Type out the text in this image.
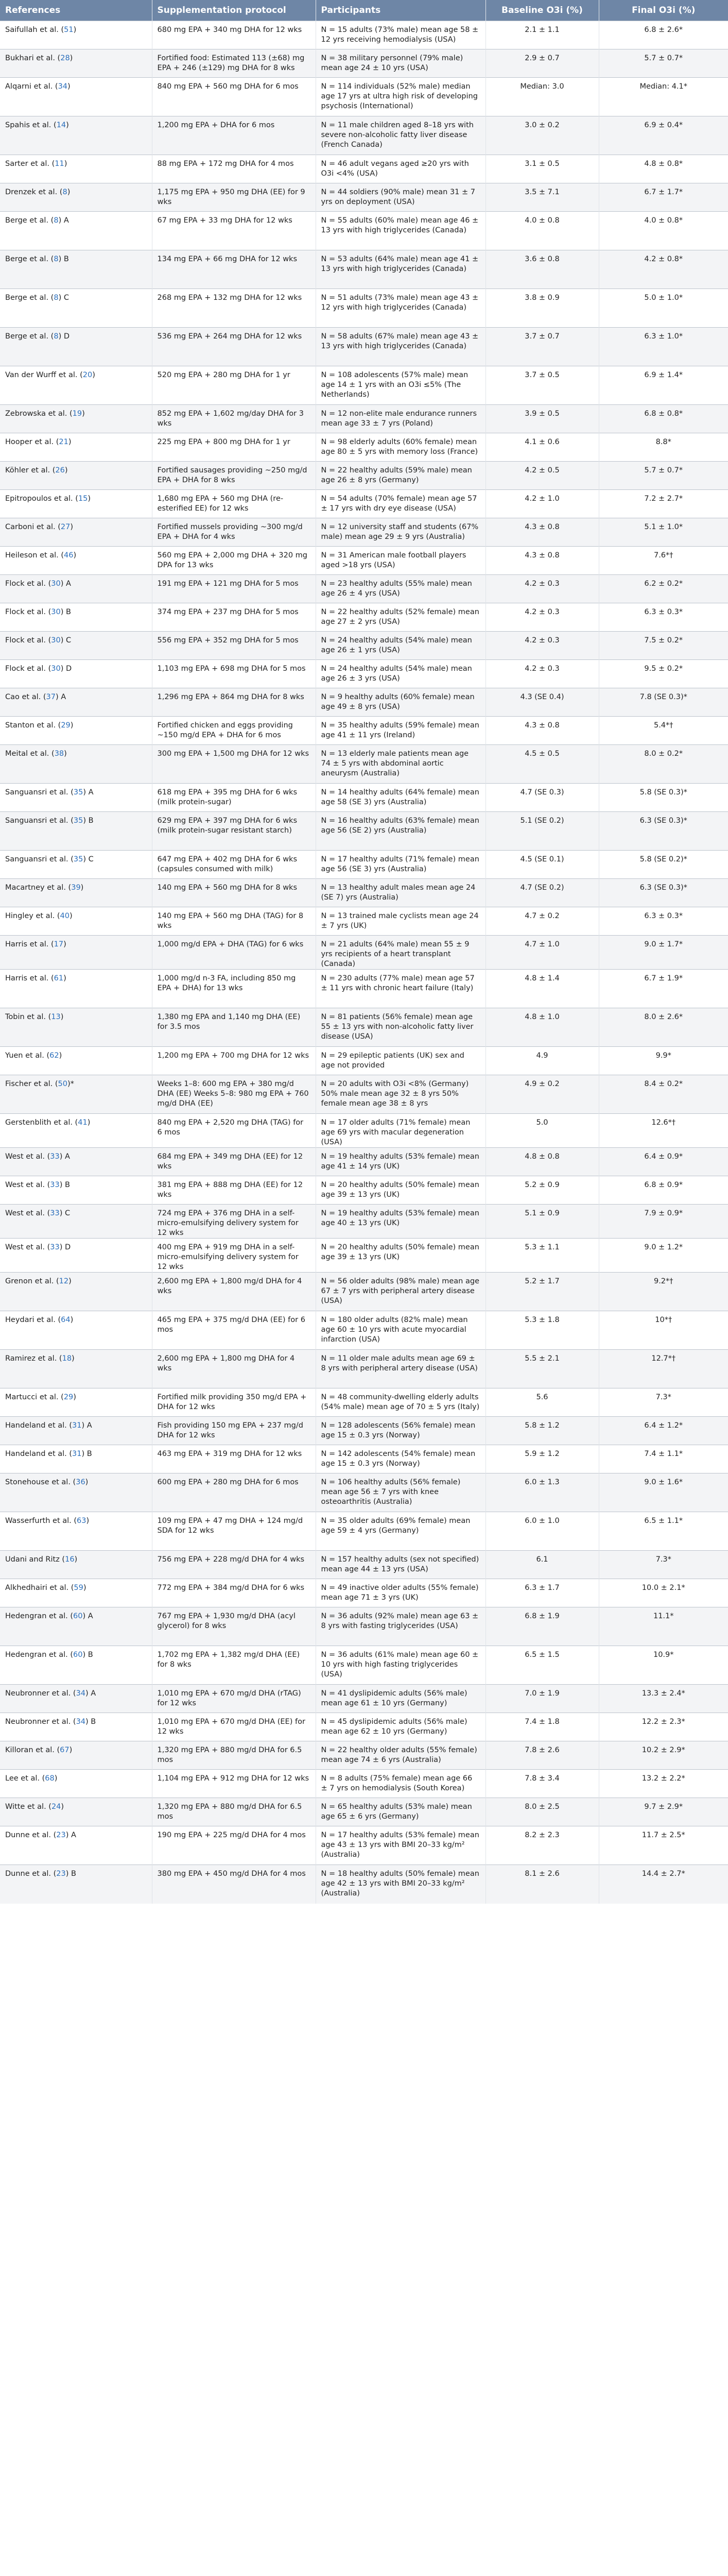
References	Supplementation protocol	Participants	Baseline O3i (%)	Final O3i (%)
Saifullah et al. (51)	680 mg EPA + 340 mg DHA for 12 wks	N = 15 adults (73% male) mean age 58 ± 12 yrs receiving hemodialysis (USA)	2.1 ± 1.1	6.8 ± 2.6*
Bukhari et al. (28)	Fortified food: Estimated 113 (±68) mg EPA + 246 (±129) mg DHA for 8 wks	N = 38 military personnel (79% male) mean age 24 ± 10 yrs (USA)	2.9 ± 0.7	5.7 ± 0.7*
Alqarni et al. (34)	840 mg EPA + 560 mg DHA for 6 mos	N = 114 individuals (52% male) median age 17 yrs at ultra high risk of developing psychosis (International)	Median: 3.0	Median: 4.1*
Spahis et al. (14)	1,200 mg EPA + DHA for 6 mos	N = 11 male children aged 8–18 yrs with severe non-alcoholic fatty liver disease (French Canada)	3.0 ± 0.2	6.9 ± 0.4*
Sarter et al. (11)	88 mg EPA + 172 mg DHA for 4 mos	N = 46 adult vegans aged ≥20 yrs with O3i <4% (USA)	3.1 ± 0.5	4.8 ± 0.8*
Drenzek et al. (8)	1,175 mg EPA + 950 mg DHA (EE) for 9 wks	N = 44 soldiers (90% male) mean 31 ± 7 yrs on deployment (USA)	3.5 ± 7.1	6.7 ± 1.7*
Berge et al. (8) A	67 mg EPA + 33 mg DHA for 12 wks	N = 55 adults (60% male) mean age 46 ± 13 yrs with high triglycerides (Canada)	4.0 ± 0.8	4.0 ± 0.8*
Berge et al. (8) B	134 mg EPA + 66 mg DHA for 12 wks	N = 53 adults (64% male) mean age 41 ± 13 yrs with high triglycerides (Canada)	3.6 ± 0.8	4.2 ± 0.8*
Berge et al. (8) C	268 mg EPA + 132 mg DHA for 12 wks	N = 51 adults (73% male) mean age 43 ± 12 yrs with high triglycerides (Canada)	3.8 ± 0.9	5.0 ± 1.0*
Berge et al. (8) D	536 mg EPA + 264 mg DHA for 12 wks	N = 58 adults (67% male) mean age 43 ± 13 yrs with high triglycerides (Canada)	3.7 ± 0.7	6.3 ± 1.0*
Van der Wurff et al. (20)	520 mg EPA + 280 mg DHA for 1 yr	N = 108 adolescents (57% male) mean age 14 ± 1 yrs with an O3i ≤5% (The Netherlands)	3.7 ± 0.5	6.9 ± 1.4*
Zebrowska et al. (19)	852 mg EPA + 1,602 mg/day DHA for 3 wks	N = 12 non-elite male endurance runners mean age 33 ± 7 yrs (Poland)	3.9 ± 0.5	6.8 ± 0.8*
Hooper et al. (21)	225 mg EPA + 800 mg DHA for 1 yr	N = 98 elderly adults (60% female) mean age 80 ± 5 yrs with memory loss (France)	4.1 ± 0.6	8.8*
Köhler et al. (26)	Fortified sausages providing ~250 mg/d EPA + DHA for 8 wks	N = 22 healthy adults (59% male) mean age 26 ± 8 yrs (Germany)	4.2 ± 0.5	5.7 ± 0.7*
Epitropoulos et al. (15)	1,680 mg EPA + 560 mg DHA (re-esterified EE) for 12 wks	N = 54 adults (70% female) mean age 57 ± 17 yrs with dry eye disease (USA)	4.2 ± 1.0	7.2 ± 2.7*
Carboni et al. (27)	Fortified mussels providing ~300 mg/d EPA + DHA for 4 wks	N = 12 university staff and students (67% male) mean age 29 ± 9 yrs (Australia)	4.3 ± 0.8	5.1 ± 1.0*
Heileson et al. (46)	560 mg EPA + 2,000 mg DHA + 320 mg DPA for 13 wks	N = 31 American male football players aged >18 yrs (USA)	4.3 ± 0.8	7.6*†
Flock et al. (30) A	191 mg EPA + 121 mg DHA for 5 mos	N = 23 healthy adults (55% male) mean age 26 ± 4 yrs (USA)	4.2 ± 0.3	6.2 ± 0.2*
Flock et al. (30) B	374 mg EPA + 237 mg DHA for 5 mos	N = 22 healthy adults (52% female) mean age 27 ± 2 yrs (USA)	4.2 ± 0.3	6.3 ± 0.3*
Flock et al. (30) C	556 mg EPA + 352 mg DHA for 5 mos	N = 24 healthy adults (54% male) mean age 26 ± 1 yrs (USA)	4.2 ± 0.3	7.5 ± 0.2*
Flock et al. (30) D	1,103 mg EPA + 698 mg DHA for 5 mos	N = 24 healthy adults (54% male) mean age 26 ± 3 yrs (USA)	4.2 ± 0.3	9.5 ± 0.2*
Cao et al. (37) A	1,296 mg EPA + 864 mg DHA for 8 wks	N = 9 healthy adults (60% female) mean age 49 ± 8 yrs (USA)	4.3 (SE 0.4)	7.8 (SE 0.3)*
Stanton et al. (29)	Fortified chicken and eggs providing ~150 mg/d EPA + DHA for 6 mos	N = 35 healthy adults (59% female) mean age 41 ± 11 yrs (Ireland)	4.3 ± 0.8	5.4*†
Meital et al. (38)	300 mg EPA + 1,500 mg DHA for 12 wks	N = 13 elderly male patients mean age 74 ± 5 yrs with abdominal aortic aneurysm (Australia)	4.5 ± 0.5	8.0 ± 0.2*
Sanguansri et al. (35) A	618 mg EPA + 395 mg DHA for 6 wks (milk protein-sugar)	N = 14 healthy adults (64% female) mean age 58 (SE 3) yrs (Australia)	4.7 (SE 0.3)	5.8 (SE 0.3)*
Sanguansri et al. (35) B	629 mg EPA + 397 mg DHA for 6 wks (milk protein-sugar resistant starch)	N = 16 healthy adults (63% female) mean age 56 (SE 2) yrs (Australia)	5.1 (SE 0.2)	6.3 (SE 0.3)*
Sanguansri et al. (35) C	647 mg EPA + 402 mg DHA for 6 wks (capsules consumed with milk)	N = 17 healthy adults (71% female) mean age 56 (SE 3) yrs (Australia)	4.5 (SE 0.1)	5.8 (SE 0.2)*
Macartney et al. (39)	140 mg EPA + 560 mg DHA for 8 wks	N = 13 healthy adult males mean age 24 (SE 7) yrs (Australia)	4.7 (SE 0.2)	6.3 (SE 0.3)*
Hingley et al. (40)	140 mg EPA + 560 mg DHA (TAG) for 8 wks	N = 13 trained male cyclists mean age 24 ± 7 yrs (UK)	4.7 ± 0.2	6.3 ± 0.3*
Harris et al. (17)	1,000 mg/d EPA + DHA (TAG) for 6 wks	N = 21 adults (64% male) mean 55 ± 9 yrs recipients of a heart transplant (Canada)	4.7 ± 1.0	9.0 ± 1.7*
Harris et al. (61)	1,000 mg/d n-3 FA, including 850 mg EPA + DHA) for 13 wks	N = 230 adults (77% male) mean age 57 ± 11 yrs with chronic heart failure (Italy)	4.8 ± 1.4	6.7 ± 1.9*
Tobin et al. (13)	1,380 mg EPA and 1,140 mg DHA (EE) for 3.5 mos	N = 81 patients (56% female) mean age 55 ± 13 yrs with non-alcoholic fatty liver disease (USA)	4.8 ± 1.0	8.0 ± 2.6*
Yuen et al. (62)	1,200 mg EPA + 700 mg DHA for 12 wks	N = 29 epileptic patients (UK) sex and age not provided	4.9	9.9*
Fischer et al. (50)*	Weeks 1–8: 600 mg EPA + 380 mg/d DHA (EE) Weeks 5–8: 980 mg EPA + 760 mg/d DHA (EE)	N = 20 adults with O3i <8% (Germany) 50% male mean age 32 ± 8 yrs 50% female mean age 38 ± 8 yrs	4.9 ± 0.2	8.4 ± 0.2*
Gerstenblith et al. (41)	840 mg EPA + 2,520 mg DHA (TAG) for 6 mos	N = 17 older adults (71% female) mean age 69 yrs with macular degeneration (USA)	5.0	12.6*†
West et al. (33) A	684 mg EPA + 349 mg DHA (EE) for 12 wks	N = 19 healthy adults (53% female) mean age 41 ± 14 yrs (UK)	4.8 ± 0.8	6.4 ± 0.9*
West et al. (33) B	381 mg EPA + 888 mg DHA (EE) for 12 wks	N = 20 healthy adults (50% female) mean age 39 ± 13 yrs (UK)	5.2 ± 0.9	6.8 ± 0.9*
West et al. (33) C	724 mg EPA + 376 mg DHA in a self-micro-emulsifying delivery system for 12 wks	N = 19 healthy adults (53% female) mean age 40 ± 13 yrs (UK)	5.1 ± 0.9	7.9 ± 0.9*
West et al. (33) D	400 mg EPA + 919 mg DHA in a self-micro-emulsifying delivery system for 12 wks	N = 20 healthy adults (50% female) mean age 39 ± 13 yrs (UK)	5.3 ± 1.1	9.0 ± 1.2*
Grenon et al. (12)	2,600 mg EPA + 1,800 mg/d DHA for 4 wks	N = 56 older adults (98% male) mean age 67 ± 7 yrs with peripheral artery disease (USA)	5.2 ± 1.7	9.2*†
Heydari et al. (64)	465 mg EPA + 375 mg/d DHA (EE) for 6 mos	N = 180 older adults (82% male) mean age 60 ± 10 yrs with acute myocardial infarction (USA)	5.3 ± 1.8	10*†
Ramirez et al. (18)	2,600 mg EPA + 1,800 mg DHA for 4 wks	N = 11 older male adults mean age 69 ± 8 yrs with peripheral artery disease (USA)	5.5 ± 2.1	12.7*†
Martucci et al. (29)	Fortified milk providing 350 mg/d EPA + DHA for 12 wks	N = 48 community-dwelling elderly adults (54% male) mean age of 70 ± 5 yrs (Italy)	5.6	7.3*
Handeland et al. (31) A	Fish providing 150 mg EPA + 237 mg/d DHA for 12 wks	N = 128 adolescents (56% female) mean age 15 ± 0.3 yrs (Norway)	5.8 ± 1.2	6.4 ± 1.2*
Handeland et al. (31) B	463 mg EPA + 319 mg DHA for 12 wks	N = 142 adolescents (54% female) mean age 15 ± 0.3 yrs (Norway)	5.9 ± 1.2	7.4 ± 1.1*
Stonehouse et al. (36)	600 mg EPA + 280 mg DHA for 6 mos	N = 106 healthy adults (56% female) mean age 56 ± 7 yrs with knee osteoarthritis (Australia)	6.0 ± 1.3	9.0 ± 1.6*
Wasserfurth et al. (63)	109 mg EPA + 47 mg DHA + 124 mg/d SDA for 12 wks	N = 35 older adults (69% female) mean age 59 ± 4 yrs (Germany)	6.0 ± 1.0	6.5 ± 1.1*
Udani and Ritz (16)	756 mg EPA + 228 mg/d DHA for 4 wks	N = 157 healthy adults (sex not specified) mean age 44 ± 13 yrs (USA)	6.1	7.3*
Alkhedhairi et al. (59)	772 mg EPA + 384 mg/d DHA for 6 wks	N = 49 inactive older adults (55% female) mean age 71 ± 3 yrs (UK)	6.3 ± 1.7	10.0 ± 2.1*
Hedengran et al. (60) A	767 mg EPA + 1,930 mg/d DHA (acyl glycerol) for 8 wks	N = 36 adults (92% male) mean age 63 ± 8 yrs with fasting triglycerides (USA)	6.8 ± 1.9	11.1*
Hedengran et al. (60) B	1,702 mg EPA + 1,382 mg/d DHA (EE) for 8 wks	N = 36 adults (61% male) mean age 60 ± 10 yrs with high fasting triglycerides (USA)	6.5 ± 1.5	10.9*
Neubronner et al. (34) A	1,010 mg EPA + 670 mg/d DHA (rTAG) for 12 wks	N = 41 dyslipidemic adults (56% male) mean age 61 ± 10 yrs (Germany)	7.0 ± 1.9	13.3 ± 2.4*
Neubronner et al. (34) B	1,010 mg EPA + 670 mg/d DHA (EE) for 12 wks	N = 45 dyslipidemic adults (56% male) mean age 62 ± 10 yrs (Germany)	7.4 ± 1.8	12.2 ± 2.3*
Killoran et al. (67)	1,320 mg EPA + 880 mg/d DHA for 6.5 mos	N = 22 healthy older adults (55% female) mean age 74 ± 6 yrs (Australia)	7.8 ± 2.6	10.2 ± 2.9*
Lee et al. (68)	1,104 mg EPA + 912 mg DHA for 12 wks	N = 8 adults (75% female) mean age 66 ± 7 yrs on hemodialysis (South Korea)	7.8 ± 3.4	13.2 ± 2.2*
Witte et al. (24)	1,320 mg EPA + 880 mg/d DHA for 6.5 mos	N = 65 healthy adults (53% male) mean age 65 ± 6 yrs (Germany)	8.0 ± 2.5	9.7 ± 2.9*
Dunne et al. (23) A	190 mg EPA + 225 mg/d DHA for 4 mos	N = 17 healthy adults (53% female) mean age 43 ± 13 yrs with BMI 20–33 kg/m² (Australia)	8.2 ± 2.3	11.7 ± 2.5*
Dunne et al. (23) B	380 mg EPA + 450 mg/d DHA for 4 mos	N = 18 healthy adults (50% female) mean age 42 ± 13 yrs with BMI 20–33 kg/m² (Australia)	8.1 ± 2.6	14.4 ± 2.7*
